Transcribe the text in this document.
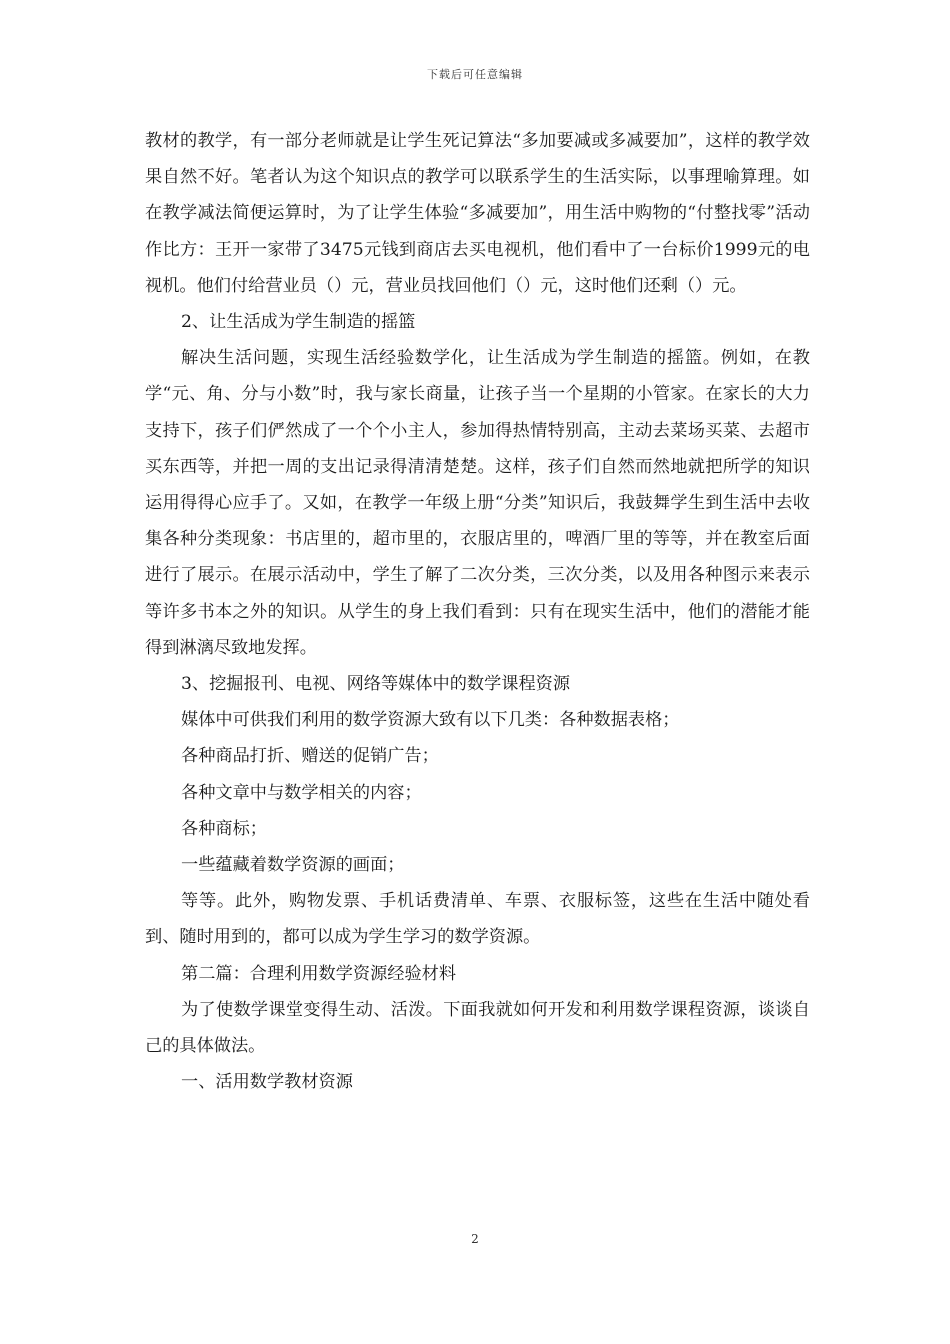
下载后可任意编辑

教材的教学，有一部分老师就是让学生死记算法“多加要减或多减要加”，这样的教学效果自然不好。笔者认为这个知识点的教学可以联系学生的生活实际，以事理喻算理。如在教学减法简便运算时，为了让学生体验“多减要加”，用生活中购物的“付整找零”活动作比方：王开一家带了3475元钱到商店去买电视机，他们看中了一台标价1999元的电视机。他们付给营业员（）元，营业员找回他们（）元，这时他们还剩（）元。

2、让生活成为学生制造的摇篮

解决生活问题，实现生活经验数学化，让生活成为学生制造的摇篮。例如，在教学“元、角、分与小数”时，我与家长商量，让孩子当一个星期的小管家。在家长的大力支持下，孩子们俨然成了一个个小主人，参加得热情特别高，主动去菜场买菜、去超市买东西等，并把一周的支出记录得清清楚楚。这样，孩子们自然而然地就把所学的知识运用得得心应手了。又如，在教学一年级上册“分类”知识后，我鼓舞学生到生活中去收集各种分类现象：书店里的，超市里的，衣服店里的，啤酒厂里的等等，并在教室后面进行了展示。在展示活动中，学生了解了二次分类，三次分类，以及用各种图示来表示等许多书本之外的知识。从学生的身上我们看到：只有在现实生活中，他们的潜能才能得到淋漓尽致地发挥。

3、挖掘报刊、电视、网络等媒体中的数学课程资源

媒体中可供我们利用的数学资源大致有以下几类：各种数据表格；

各种商品打折、赠送的促销广告；

各种文章中与数学相关的内容；

各种商标；

一些蕴藏着数学资源的画面；

等等。此外，购物发票、手机话费清单、车票、衣服标签，这些在生活中随处看到、随时用到的，都可以成为学生学习的数学资源。

第二篇：合理利用数学资源经验材料

为了使数学课堂变得生动、活泼。下面我就如何开发和利用数学课程资源，谈谈自己的具体做法。

一、活用数学教材资源

2
